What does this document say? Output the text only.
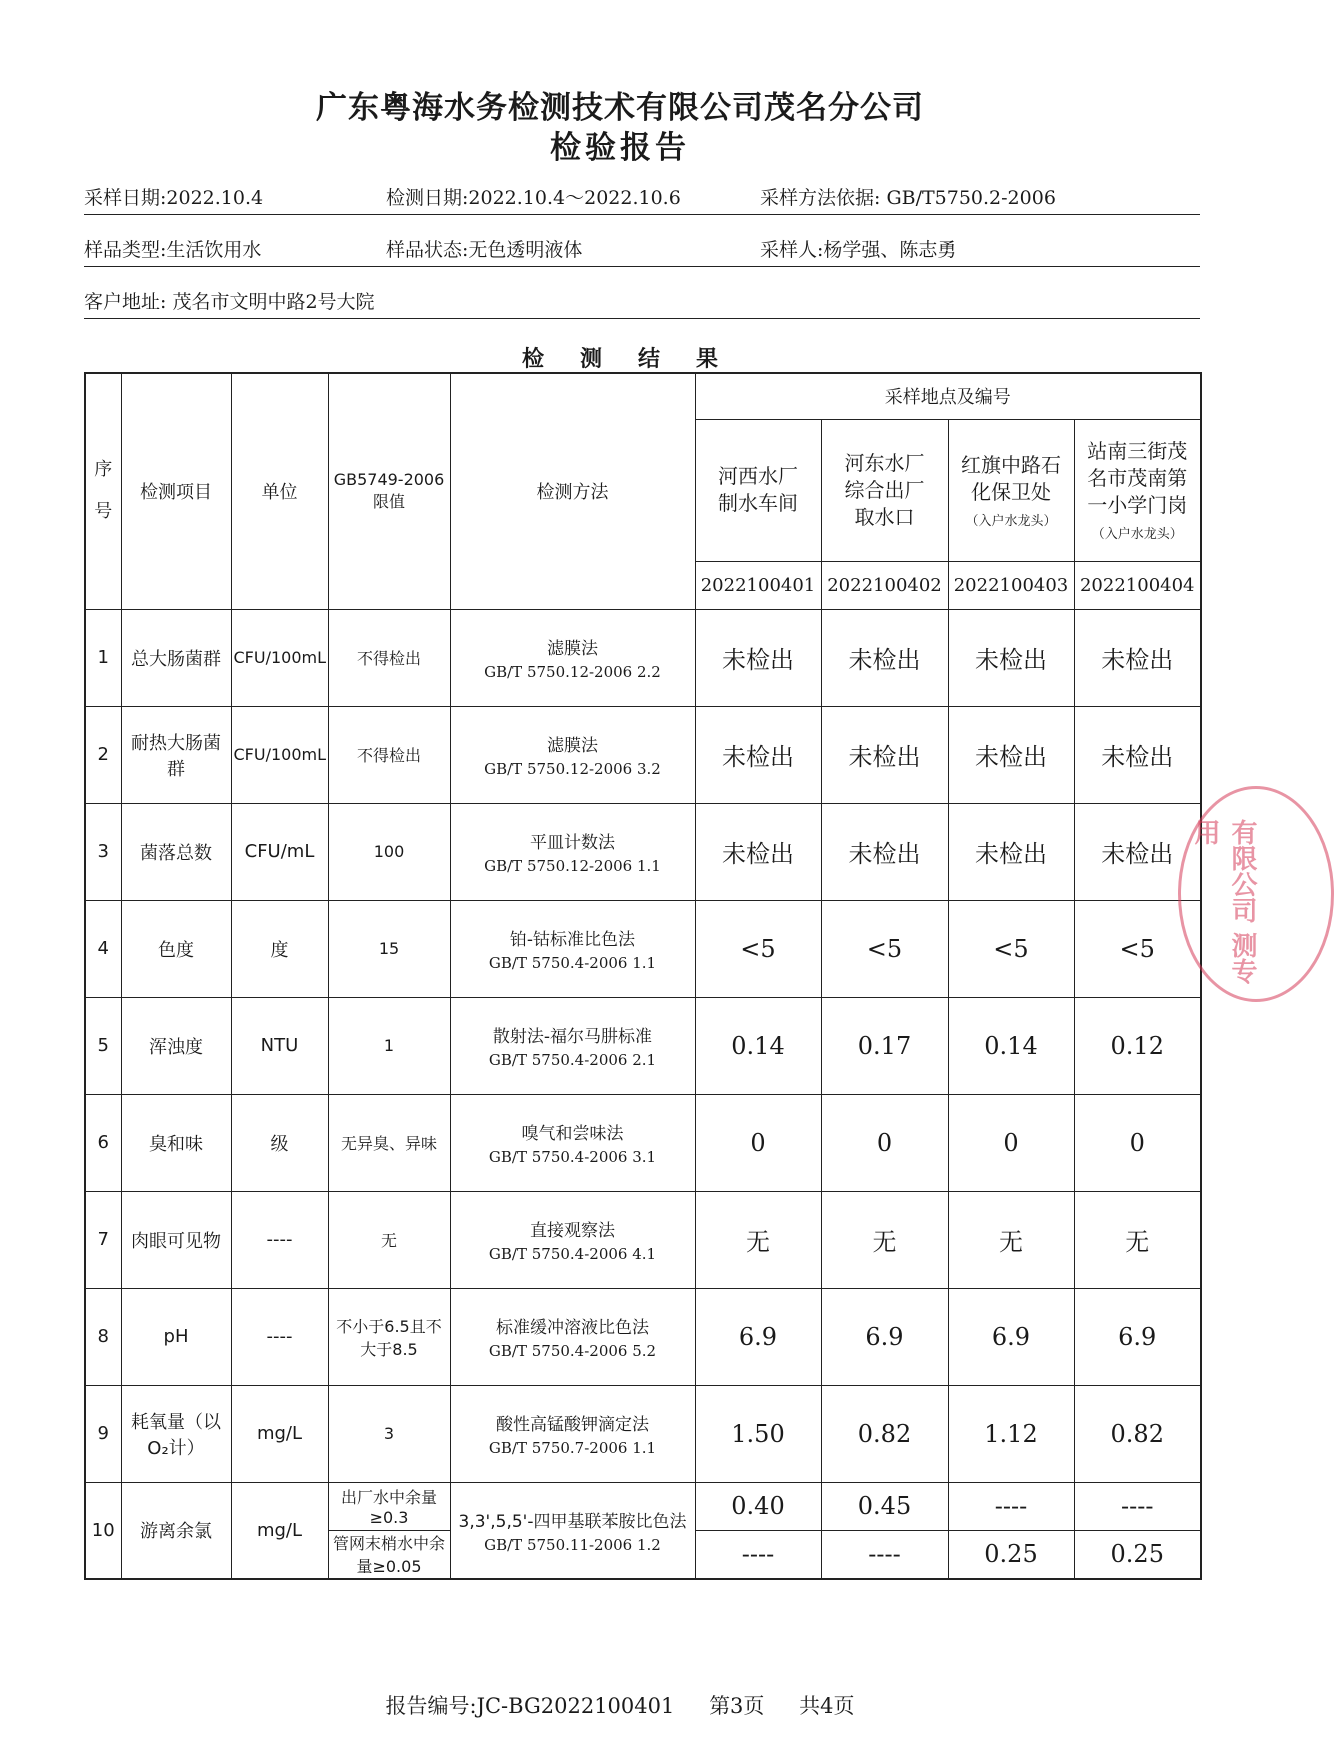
广东粤海水务检测技术有限公司茂名分公司
检验报告
采样日期:2022.10.4	检测日期:2022.10.4～2022.10.6	采样方法依据: GB/T5750.2-2006
样品类型:生活饮用水	样品状态:无色透明液体	采样人:杨学强、陈志勇
客户地址: 茂名市文明中路2号大院
检测结果
序号	检测项目	单位	GB5749-2006限值	检测方法	采样地点及编号			

					河西水厂
制水车间	河东水厂
综合出厂
取水口	红旗中路石
化保卫处
（入户水龙头）	站南三街茂
名市茂南第
一小学门岗
（入户水龙头）

					2022100401	2022100402	2022100403	2022100404
1	总大肠菌群	CFU/100mL	不得检出	滤膜法
GB/T 5750.12-2006 2.2	未检出	未检出	未检出	未检出
2	耐热大肠菌群	CFU/100mL	不得检出	滤膜法
GB/T 5750.12-2006 3.2	未检出	未检出	未检出	未检出
3	菌落总数	CFU/mL	100	平皿计数法
GB/T 5750.12-2006 1.1	未检出	未检出	未检出	未检出
4	色度	度	15	铂-钴标准比色法
GB/T 5750.4-2006 1.1	<5	<5	<5	<5
5	浑浊度	NTU	1	散射法-福尔马肼标准
GB/T 5750.4-2006 2.1	0.14	0.17	0.14	0.12
6	臭和味	级	无异臭、异味	嗅气和尝味法
GB/T 5750.4-2006 3.1	0	0	0	0
7	肉眼可见物	----	无	直接观察法
GB/T 5750.4-2006 4.1	无	无	无	无
8	pH	----	不小于6.5且不大于8.5	标准缓冲溶液比色法
GB/T 5750.4-2006 5.2	6.9	6.9	6.9	6.9
9	耗氧量（以O₂计）	mg/L	3	酸性高锰酸钾滴定法
GB/T 5750.7-2006 1.1	1.50	0.82	1.12	0.82
10	游离余氯	mg/L	出厂水中余量≥0.3	3,3',5,5'-四甲基联苯胺比色法
GB/T 5750.11-2006 1.2	0.40	0.45	----	----
			管网末梢水中余量≥0.05		----	----	0.25	0.25
报告编号:JC-BG2022100401 第3页 共4页
有限公司 测专用
